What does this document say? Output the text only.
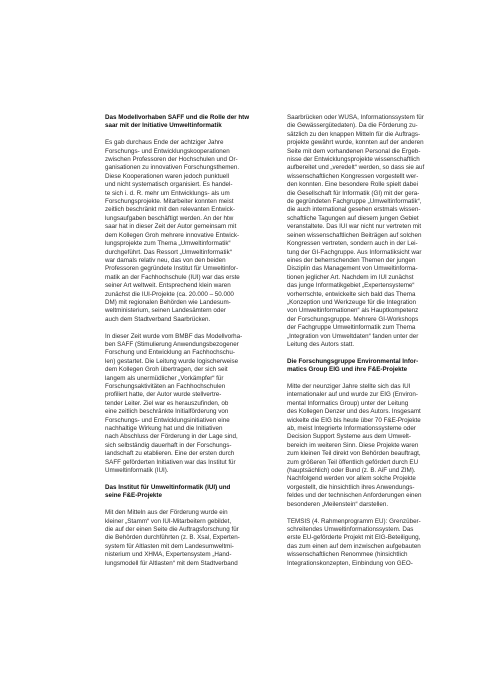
Das Modellvorhaben SAFF und die Rolle der htw
saar mit der Initiative Umweltinformatik
Es gab durchaus Ende der achtziger Jahre
Forschungs- und Entwicklungskooperationen
zwischen Professoren der Hochschulen und Or-
ganisationen zu innovativen Forschungsthemen.
Diese Kooperationen waren jedoch punktuell
und nicht systematisch organisiert. Es handel-
te sich i. d. R. mehr um Entwicklungs- als um
Forschungsprojekte. Mitarbeiter konnten meist
zeitlich beschränkt mit den relevanten Entwick-
lungsaufgaben beschäftigt werden. An der htw
saar hat in dieser Zeit der Autor gemeinsam mit
dem Kollegen Groh mehrere innovative Entwick-
lungsprojekte zum Thema „Umweltinformatik“
durchgeführt. Das Ressort „Umweltinformatik“
war damals relativ neu, das von den beiden
Professoren gegründete Institut für Umweltinfor-
matik an der Fachhochschule (IUI) war das erste
seiner Art weltweit. Entsprechend klein waren
zunächst die IUI-Projekte (ca. 20.000 – 50.000
DM) mit regionalen Behörden wie Landesum-
weltministerium, seinen Landesämtern oder
auch dem Stadtverband Saarbrücken.
In dieser Zeit wurde vom BMBF das Modellvorha-
ben SAFF (Stimulierung Anwendungsbezogener
Forschung und Entwicklung an Fachhochschu-
len) gestartet. Die Leitung wurde logischerweise
dem Kollegen Groh übertragen, der sich seit
langem als unermüdlicher „Vorkämpfer“ für
Forschungsaktivitäten an Fachhochschulen
profiliert hatte, der Autor wurde stellvertre-
tender Leiter. Ziel war es herauszufinden, ob
eine zeitlich beschränkte Initialförderung von
Forschungs- und Entwicklungsinitiativen eine
nachhaltige Wirkung hat und die Initiativen
nach Abschluss der Förderung in der Lage sind,
sich selbständig dauerhaft in der Forschungs-
landschaft zu etablieren. Eine der ersten durch
SAFF geförderten Initiativen war das Institut für
Umweltinformatik (IUI).
Das Institut für Umweltinformatik (IUI) und
seine F&E-Projekte
Mit den Mitteln aus der Förderung wurde ein
kleiner „Stamm“ von IUI-Mitarbeitern gebildet,
die auf der einen Seite die Auftragsforschung für
die Behörden durchführten (z. B. Xsal, Experten-
system für Altlasten mit dem Landesumweltmi-
nisterium und XHMA, Expertensystem „Hand-
lungsmodell für Altlasten“ mit dem Stadtverband
Saarbrücken oder WUSA, Informationssystem für
die Gewässergütedaten). Da die Förderung zu-
sätzlich zu den knappen Mitteln für die Auftrags-
projekte gewährt wurde, konnten auf der anderen
Seite mit dem vorhandenen Personal die Ergeb-
nisse der Entwicklungsprojekte wissenschaftlich
aufbereitet und „veredelt“ werden, so dass sie auf
wissenschaftlichen Kongressen vorgestellt wer-
den konnten. Eine besondere Rolle spielt dabei
die Gesellschaft für Informatik (GI) mit der gera-
de gegründeten Fachgruppe „Umweltinformatik“,
die auch international gesehen erstmals wissen-
schaftliche Tagungen auf diesem jungen Gebiet
veranstaltete. Das IUI war nicht nur vertreten mit
seinen wissenschaftlichen Beiträgen auf solchen
Kongressen vertreten, sondern auch in der Lei-
tung der GI-Fachgruppe. Aus Informatiksicht war
eines der beherrschenden Themen der jungen
Disziplin das Management von Umweltinforma-
tionen jeglicher Art. Nachdem im IUI zunächst
das junge Informatikgebiet „Expertensysteme“
vorherrschte, entwickelte sich bald das Thema
„Konzeption und Werkzeuge für die Integration
von Umweltinformationen“ als Hauptkompetenz
der Forschungsgruppe. Mehrere GI-Workshops
der Fachgruppe Umweltinformatik zum Thema
„Integration von Umweltdaten“ fanden unter der
Leitung des Autors statt.
Die Forschungsgruppe Environmental Infor-
matics Group EIG und ihre F&E-Projekte
Mitte der neunziger Jahre stellte sich das IUI
internationaler auf und wurde zur EIG (Environ-
mental Informatics Group) unter der Leitung
des Kollegen Denzer und des Autors. Insgesamt
wickelte die EIG bis heute über 70 F&E-Projekte
ab, meist Integrierte Informationssysteme oder
Decision Support Systeme aus dem Umwelt-
bereich im weiteren Sinn. Diese Projekte waren
zum kleinen Teil direkt von Behörden beauftragt,
zum größeren Teil öffentlich gefördert durch EU
(hauptsächlich) oder Bund (z. B. AiF und ZIM).
Nachfolgend werden vor allem solche Projekte
vorgestellt, die hinsichtlich ihres Anwendungs-
feldes und der technischen Anforderungen einen
besonderen „Meilenstein“ darstellen.
TEMSIS (4. Rahmenprogramm EU): Grenzüber-
schreitendes Umweltinformationssystem. Das
erste EU-geförderte Projekt mit EIG-Beteiligung,
das zum einen auf dem inzwischen aufgebauten
wissenschaftlichen Renommee (hinsichtlich
Integrationskonzepten, Einbindung von GEO-
